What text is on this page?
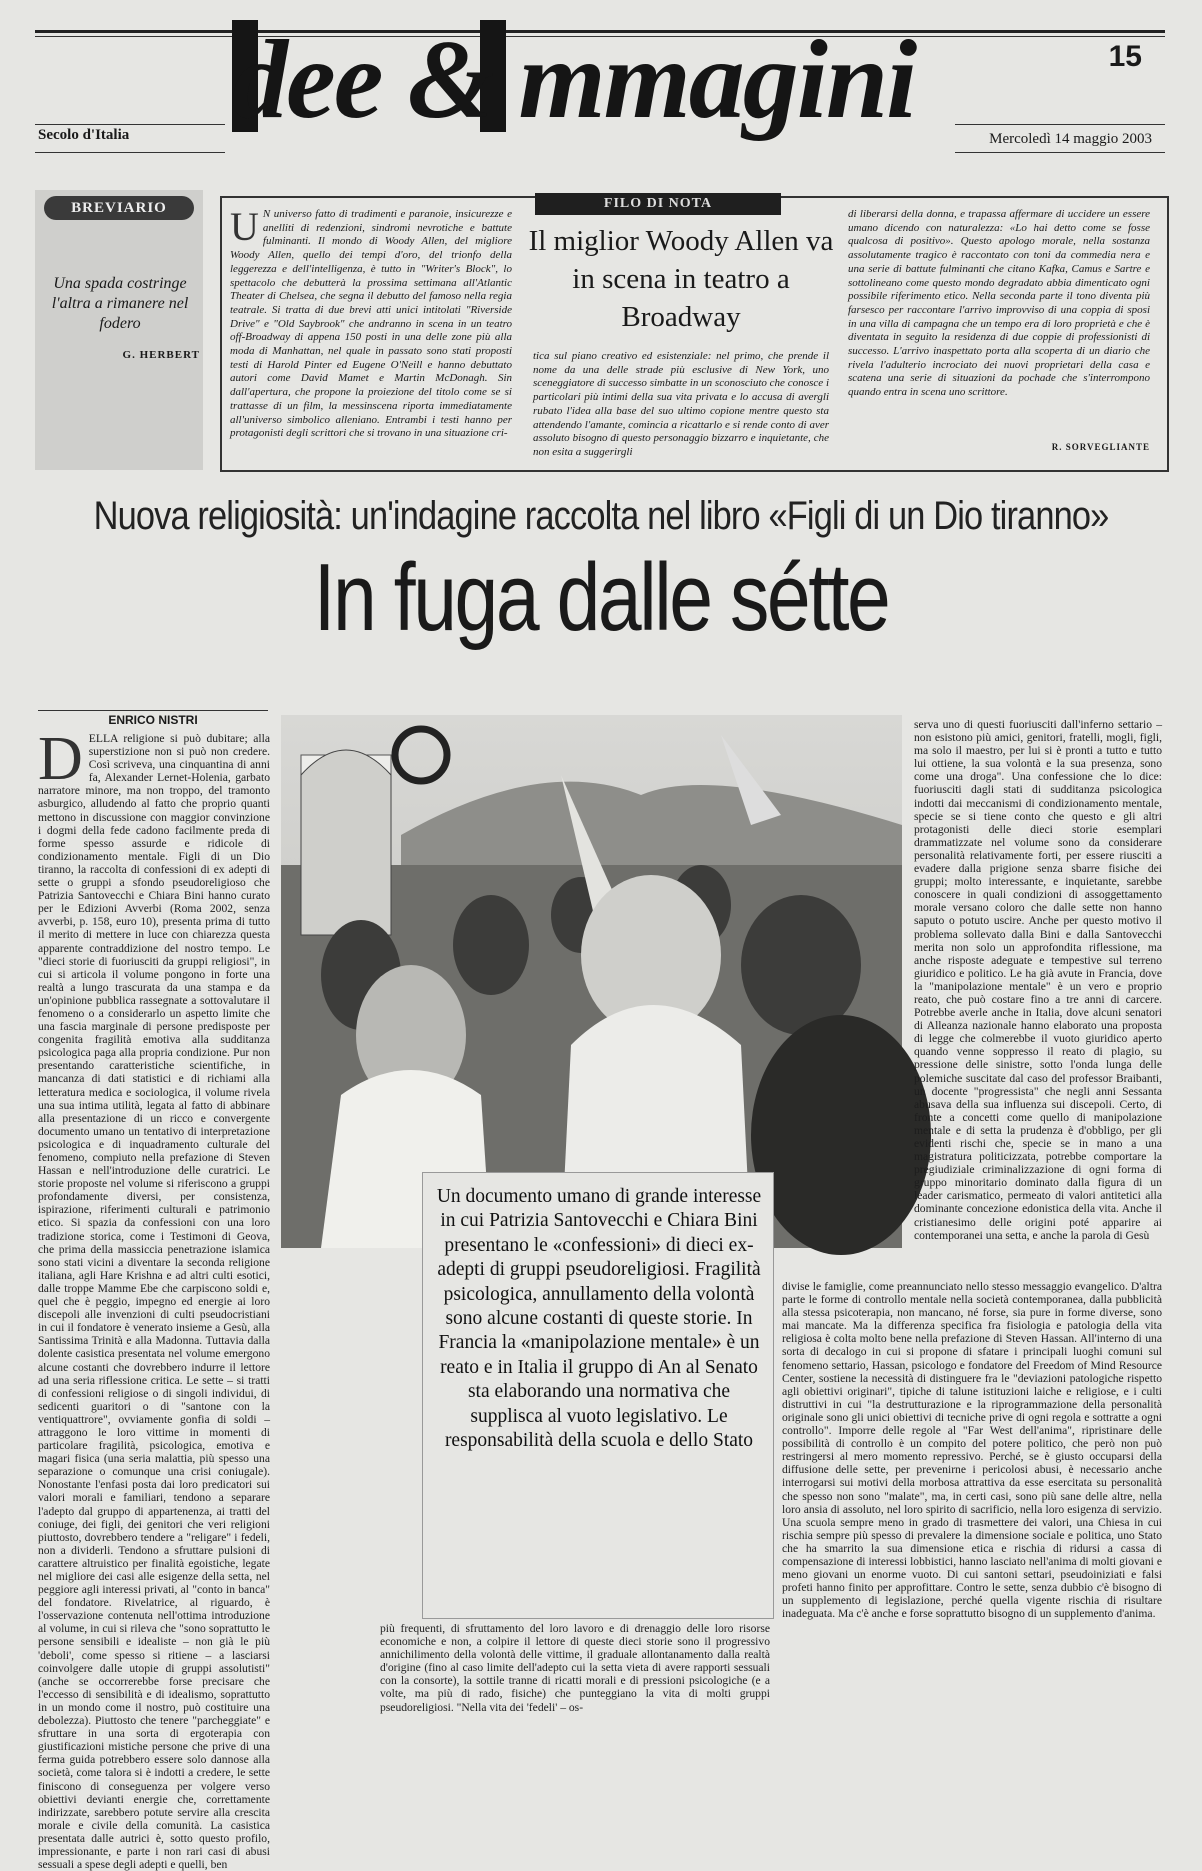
dee & mmagini	15
Secolo d'Italia	Mercoledì 14 maggio 2003
BREVIARIO
Una spada costringe l'altra a rimanere nel fodero
G. HERBERT
FILO DI NOTA
Il miglior Woody Allen va in scena in teatro a Broadway
U N universo fatto di tradimenti e paranoie, insicurezze e anelliti di redenzioni, sindromi nevrotiche e battute fulminanti. Il mondo di Woody Allen, del migliore Woody Allen, quello dei tempi d'oro, del trionfo della leggerezza e dell'intelligenza, è tutto in "Writer's Block", lo spettacolo che debutterà la prossima settimana all'Atlantic Theater di Chelsea, che segna il debutto del famoso nella regia teatrale. Si tratta di due brevi atti unici intitolati "Riverside Drive" e "Old Saybrook" che andranno in scena in un teatro off-Broadway di appena 150 posti in una delle zone più alla moda di Manhattan, nel quale in passato sono stati proposti testi di Harold Pinter ed Eugene O'Neill e hanno debuttato autori come David Mamet e Martin McDonagh. Sin dall'apertura, che propone la proiezione del titolo come se si trattasse di un film, la messinscena riporta immediatamente all'universo simbolico alleniano. Entrambi i testi hanno per protagonisti degli scrittori che si trovano in una situazione cri-
tica sul piano creativo ed esistenziale: nel primo, che prende il nome da una delle strade più esclusive di New York, uno sceneggiatore di successo simbatte in un sconosciuto che conosce i particolari più intimi della sua vita privata e lo accusa di avergli rubato l'idea alla base del suo ultimo copione mentre questo sta attendendo l'amante, comincia a ricattarlo e si rende conto di aver assoluto bisogno di questo personaggio bizzarro e inquietante, che non esita a suggerirgli
di liberarsi della donna, e trapassa affermare di uccidere un essere umano dicendo con naturalezza: «Lo hai detto come se fosse qualcosa di positivo». Questo apologo morale, nella sostanza assolutamente tragico è raccontato con toni da commedia nera e una serie di battute fulminanti che citano Kafka, Camus e Sartre e sottolineano come questo mondo degradato abbia dimenticato ogni possibile riferimento etico. Nella seconda parte il tono diventa più farsesco per raccontare l'arrivo improvviso di una coppia di sposi in una villa di campagna che un tempo era di loro proprietà e che è diventata in seguito la residenza di due coppie di professionisti di successo. L'arrivo inaspettato porta alla scoperta di un diario che rivela l'adulterio incrociato dei nuovi proprietari della casa e scatena una serie di situazioni da pochade che s'interrompono quando entra in scena uno scrittore.
R. SORVEGLIANTE
Nuova religiosità: un'indagine raccolta nel libro «Figli di un Dio tiranno»
In fuga dalle sétte
ENRICO NISTRI
DELLA religione si può dubitare; alla superstizione non si può non credere. Così scriveva, una cinquantina di anni fa, Alexander Lernet-Holenia, garbato narratore minore, ma non troppo, del tramonto asburgico, alludendo al fatto che proprio quanti mettono in discussione con maggior convinzione i dogmi della fede cadono facilmente preda di forme spesso assurde e ridicole di condizionamento mentale. Figli di un Dio tiranno, la raccolta di confessioni di ex adepti di sette o gruppi a sfondo pseudoreligioso che Patrizia Santovecchi e Chiara Bini hanno curato per le Edizioni Avverbi (Roma 2002, senza avverbi, p. 158, euro 10), presenta prima di tutto il merito di mettere in luce con chiarezza questa apparente contraddizione del nostro tempo. Le "dieci storie di fuoriusciti da gruppi religiosi", in cui si articola il volume pongono in forte una realtà a lungo trascurata da una stampa e da un'opinione pubblica rassegnate a sottovalutare il fenomeno o a considerarlo un aspetto limite che una fascia marginale di persone predisposte per congenita fragilità emotiva alla sudditanza psicologica paga alla propria condizione. Pur non presentando caratteristiche scientifiche, in mancanza di dati statistici e di richiami alla letteratura medica e sociologica, il volume rivela una sua intima utilità, legata al fatto di abbinare alla presentazione di un ricco e convergente documento umano un tentativo di interpretazione psicologica e di inquadramento culturale del fenomeno, compiuto nella prefazione di Steven Hassan e nell'introduzione delle curatrici. Le storie proposte nel volume si riferiscono a gruppi profondamente diversi, per consistenza, ispirazione, riferimenti culturali e patrimonio etico. Si spazia da confessioni con una loro tradizione storica, come i Testimoni di Geova, che prima della massiccia penetrazione islamica sono stati vicini a diventare la seconda religione italiana, agli Hare Krishna e ad altri culti esotici, dalle troppe Mamme Ebe che carpiscono soldi e, quel che è peggio, impegno ed energie ai loro discepoli alle invenzioni di culti pseudocristiani in cui il fondatore è venerato insieme a Gesù, alla Santissima Trinità e alla Madonna. Tuttavia dalla dolente casistica presentata nel volume emergono alcune costanti che dovrebbero indurre il lettore ad una seria riflessione critica. Le sette – si tratti di confessioni religiose o di singoli individui, di sedicenti guaritori o di "santone con la ventiquattrore", ovviamente gonfia di soldi – attraggono le loro vittime in momenti di particolare fragilità, psicologica, emotiva e magari fisica (una seria malattia, più spesso una separazione o comunque una crisi coniugale). Nonostante l'enfasi posta dai loro predicatori sui valori morali e familiari, tendono a separare l'adepto dal gruppo di appartenenza, ai tratti del coniuge, dei figli, dei genitori che veri religioni piuttosto, dovrebbero tendere a "religare" i fedeli, non a dividerli. Tendono a sfruttare pulsioni di carattere altruistico per finalità egoistiche, legate nel migliore dei casi alle esigenze della setta, nel peggiore agli interessi privati, al "conto in banca" del fondatore. Rivelatrice, al riguardo, è l'osservazione contenuta nell'ottima introduzione al volume, in cui si rileva che "sono soprattutto le persone sensibili e idealiste – non già le più 'deboli', come spesso si ritiene – a lasciarsi coinvolgere dalle utopie di gruppi assolutisti" (anche se occorrerebbe forse precisare che l'eccesso di sensibilità e di idealismo, soprattutto in un mondo come il nostro, può costituire una debolezza). Piuttosto che tenere "parcheggiate" e sfruttare in una sorta di ergoterapia con giustificazioni mistiche persone che prive di una ferma guida potrebbero essere solo dannose alla società, come talora si è indotti a credere, le sette finiscono di conseguenza per volgere verso obiettivi devianti energie che, correttamente indirizzate, sarebbero potute servire alla crescita morale e civile della comunità. La casistica presentata dalle autrici è, sotto questo profilo, impressionante, e parte i non rari casi di abusi sessuali a spese degli adepti e quelli, ben
Un documento umano di grande interesse in cui Patrizia Santovecchi e Chiara Bini presentano le «confessioni» di dieci ex-adepti di gruppi pseudoreligiosi. Fragilità psicologica, annullamento della volontà sono alcune costanti di queste storie. In Francia la «manipolazione mentale» è un reato e in Italia il gruppo di An al Senato sta elaborando una normativa che supplisca al vuoto legislativo. Le responsabilità della scuola e dello Stato
serva uno di questi fuoriusciti dall'inferno settario – non esistono più amici, genitori, fratelli, mogli, figli, ma solo il maestro, per lui si è pronti a tutto e tutto lui ottiene, la sua volontà e la sua presenza, sono come una droga". Una confessione che lo dice: fuoriusciti dagli stati di sudditanza psicologica indotti dai meccanismi di condizionamento mentale, specie se si tiene conto che questo e gli altri protagonisti delle dieci storie esemplari drammatizzate nel volume sono da considerare personalità relativamente forti, per essere riusciti a evadere dalla prigione senza sbarre fisiche dei gruppi; molto interessante, e inquietante, sarebbe conoscere in quali condizioni di assoggettamento morale versano coloro che dalle sette non hanno saputo o potuto uscire. Anche per questo motivo il problema sollevato dalla Bini e dalla Santovecchi merita non solo un approfondita riflessione, ma anche risposte adeguate e tempestive sul terreno giuridico e politico. Le ha già avute in Francia, dove la "manipolazione mentale" è un vero e proprio reato, che può costare fino a tre anni di carcere. Potrebbe averle anche in Italia, dove alcuni senatori di Alleanza nazionale hanno elaborato una proposta di legge che colmerebbe il vuoto giuridico aperto quando venne soppresso il reato di plagio, su pressione delle sinistre, sotto l'onda lunga delle polemiche suscitate dal caso del professor Braibanti, un docente "progressista" che negli anni Sessanta abusava della sua influenza sui discepoli. Certo, di fronte a concetti come quello di manipolazione mentale e di setta la prudenza è d'obbligo, per gli evidenti rischi che, specie se in mano a una magistratura politicizzata, potrebbe comportare la pregiudiziale criminalizzazione di ogni forma di gruppo minoritario dominato dalla figura di un leader carismatico, permeato di valori antitetici alla dominante concezione edonistica della vita. Anche il cristianesimo delle origini poté apparire ai contemporanei una setta, e anche la parola di Gesù
divise le famiglie, come preannunciato nello stesso messaggio evangelico. D'altra parte le forme di controllo mentale nella società contemporanea, dalla pubblicità alla stessa psicoterapia, non mancano, né forse, sia pure in forme diverse, sono mai mancate. Ma la differenza specifica fra fisiologia e patologia della vita religiosa è colta molto bene nella prefazione di Steven Hassan. All'interno di una sorta di decalogo in cui si propone di sfatare i principali luoghi comuni sul fenomeno settario, Hassan, psicologo e fondatore del Freedom of Mind Resource Center, sostiene la necessità di distinguere fra le "deviazioni patologiche rispetto agli obiettivi originari", tipiche di talune istituzioni laiche e religiose, e i culti distruttivi in cui "la destrutturazione e la riprogrammazione della personalità originale sono gli unici obiettivi di tecniche prive di ogni regola e sottratte a ogni controllo". Imporre delle regole al "Far West dell'anima", ripristinare delle possibilità di controllo è un compito del potere politico, che però non può restringersi al mero momento repressivo. Perché, se è giusto occuparsi della diffusione delle sette, per prevenirne i pericolosi abusi, è necessario anche interrogarsi sui motivi della morbosa attrattiva da esse esercitata su personalità che spesso non sono "malate", ma, in certi casi, sono più sane delle altre, nella loro ansia di assoluto, nel loro spirito di sacrificio, nella loro esigenza di servizio. Una scuola sempre meno in grado di trasmettere dei valori, una Chiesa in cui rischia sempre più spesso di prevalere la dimensione sociale e politica, uno Stato che ha smarrito la sua dimensione etica e rischia di ridursi a cassa di compensazione di interessi lobbistici, hanno lasciato nell'anima di molti giovani e meno giovani un enorme vuoto. Di cui santoni settari, pseudoiniziati e falsi profeti hanno finito per approfittare. Contro le sette, senza dubbio c'è bisogno di un supplemento di legislazione, perché quella vigente rischia di risultare inadeguata. Ma c'è anche e forse soprattutto bisogno di un supplemento d'anima.
più frequenti, di sfruttamento del loro lavoro e di drenaggio delle loro risorse economiche e non, a colpire il lettore di queste dieci storie sono il progressivo annichilimento della volontà delle vittime, il graduale allontanamento dalla realtà d'origine (fino al caso limite dell'adepto cui la setta vieta di avere rapporti sessuali con la consorte), la sottile tranne di ricatti morali e di pressioni psicologiche (e a volte, ma più di rado, fisiche) che punteggiano la vita di molti gruppi pseudoreligiosi. "Nella vita dei 'fedeli' – os-
